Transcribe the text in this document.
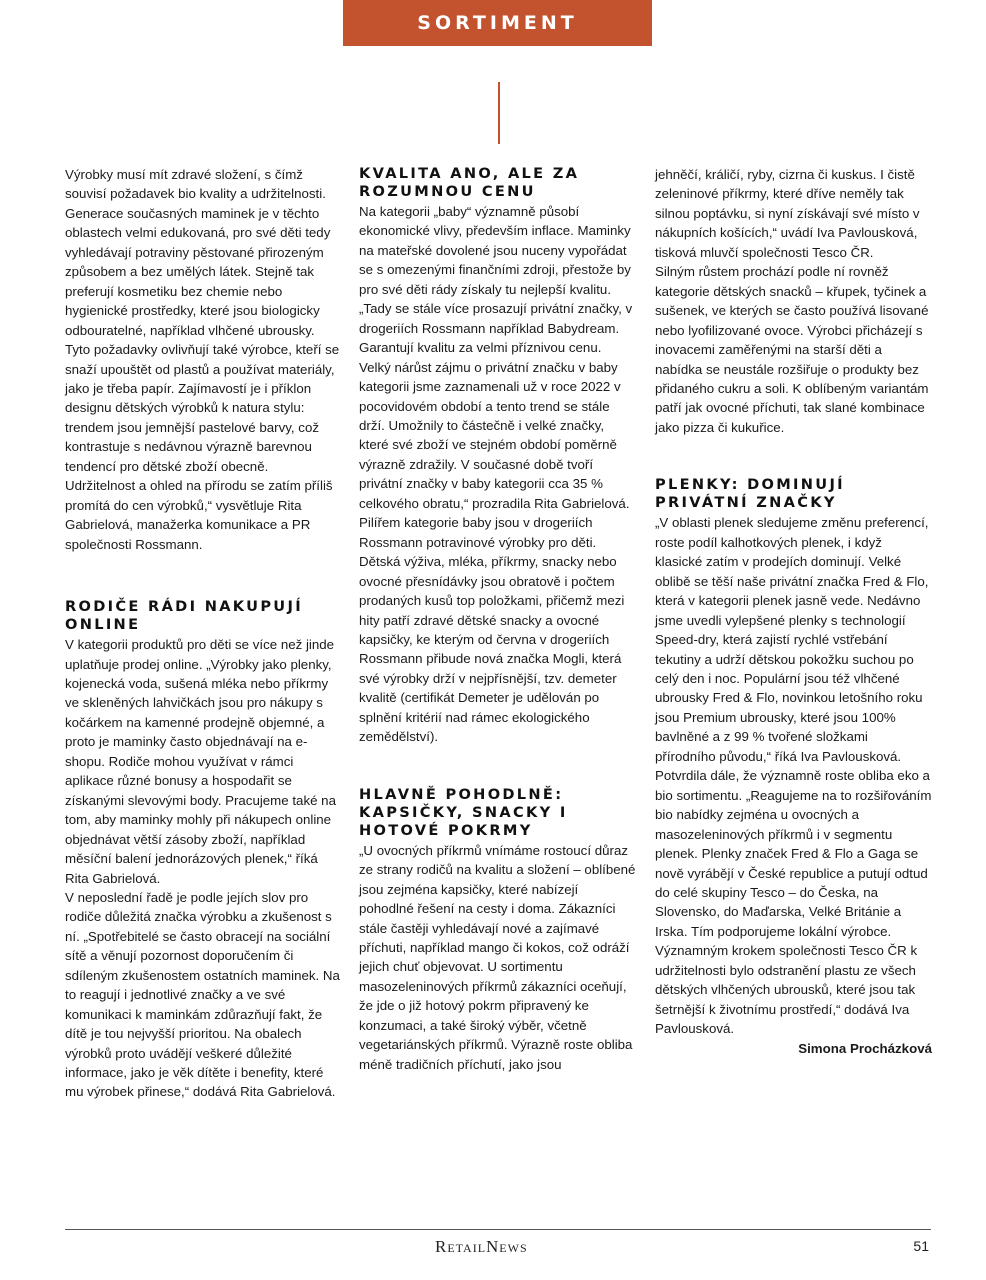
SORTIMENT

Výrobky musí mít zdravé složení, s čímž souvisí požadavek bio kvality a udržitelnosti. Generace současných maminek je v těchto oblastech velmi edukovaná, pro své děti tedy vyhledávají potraviny pěstované přirozeným způsobem a bez umělých látek. Stejně tak preferují kosmetiku bez chemie nebo hygienické prostředky, které jsou biologicky odbouratelné, například vlhčené ubrousky. Tyto požadavky ovlivňují také výrobce, kteří se snaží upouštět od plastů a používat materiály, jako je třeba papír. Zajímavostí je i příklon designu dětských výrobků k natura stylu: trendem jsou jemnější pastelové barvy, což kontrastuje s nedávnou výrazně barevnou tendencí pro dětské zboží obecně. Udržitelnost a ohled na přírodu se zatím příliš promítá do cen výrobků,“ vysvětluje Rita Gabrielová, manažerka komunikace a PR společnosti Rossmann.

RODIČE RÁDI NAKUPUJÍ ONLINE

V kategorii produktů pro děti se více než jinde uplatňuje prodej online. „Výrobky jako plenky, kojenecká voda, sušená mléka nebo příkrmy ve skleněných lahvičkách jsou pro nákupy s kočárkem na kamenné prodejně objemné, a proto je maminky často objednávají na e-shopu. Rodiče mohou využívat v rámci aplikace různé bonusy a hospodařit se získanými slevovými body. Pracujeme také na tom, aby maminky mohly při nákupech online objednávat větší zásoby zboží, například měsíční balení jednorázových plenek,“ říká Rita Gabrielová.

V neposlední řadě je podle jejích slov pro rodiče důležitá značka výrobku a zkušenost s ní. „Spotřebitelé se často obracejí na sociální sítě a věnují pozornost doporučením či sdíleným zkušenostem ostatních maminek. Na to reagují i jednotlivé značky a ve své komunikaci k maminkám zdůrazňují fakt, že dítě je tou nejvyšší prioritou. Na obalech výrobků proto uvádějí veškeré důležité informace, jako je věk dítěte i benefity, které mu výrobek přinese,“ dodává Rita Gabrielová.

KVALITA ANO, ALE ZA ROZUMNOU CENU

Na kategorii „baby“ významně působí ekonomické vlivy, především inflace. Maminky na mateřské dovolené jsou nuceny vypořádat se s omezenými finančními zdroji, přestože by pro své děti rády získaly tu nejlepší kvalitu. „Tady se stále více prosazují privátní značky, v drogeriích Rossmann například Babydream. Garantují kvalitu za velmi příznivou cenu. Velký nárůst zájmu o privátní značku v baby kategorii jsme zaznamenali už v roce 2022 v pocovidovém období a tento trend se stále drží. Umožnily to částečně i velké značky, které své zboží ve stejném období poměrně výrazně zdražily. V současné době tvoří privátní značky v baby kategorii cca 35 % celkového obratu,“ prozradila Rita Gabrielová.

Pilířem kategorie baby jsou v drogeriích Rossmann potravinové výrobky pro děti. Dětská výživa, mléka, příkrmy, snacky nebo ovocné přesnídávky jsou obratově i počtem prodaných kusů top položkami, přičemž mezi hity patří zdravé dětské snacky a ovocné kapsičky, ke kterým od června v drogeriích Rossmann přibude nová značka Mogli, která své výrobky drží v nejpřísnější, tzv. demeter kvalitě (certifikát Demeter je udělován po splnění kritérií nad rámec ekologického zemědělství).

HLAVNĚ POHODLNĚ: KAPSIČKY, SNACKY I HOTOVÉ POKRMY

„U ovocných příkrmů vnímáme rostoucí důraz ze strany rodičů na kvalitu a složení – oblíbené jsou zejména kapsičky, které nabízejí pohodlné řešení na cesty i doma. Zákazníci stále častěji vyhledávají nové a zajímavé příchuti, například mango či kokos, což odráží jejich chuť objevovat. U sortimentu masozeleninových příkrmů zákazníci oceňují, že jde o již hotový pokrm připravený ke konzumaci, a také široký výběr, včetně vegetariánských příkrmů. Výrazně roste obliba méně tradičních příchutí, jako jsou

jehněčí, králičí, ryby, cizrna či kuskus. I čistě zeleninové příkrmy, které dříve neměly tak silnou poptávku, si nyní získávají své místo v nákupních košících,“ uvádí Iva Pavlousková, tisková mluvčí společnosti Tesco ČR.

Silným růstem prochází podle ní rovněž kategorie dětských snacků – křupek, tyčinek a sušenek, ve kterých se často používá lisované nebo lyofilizované ovoce. Výrobci přicházejí s inovacemi zaměřenými na starší děti a nabídka se neustále rozšiřuje o produkty bez přidaného cukru a soli. K oblíbeným variantám patří jak ovocné příchuti, tak slané kombinace jako pizza či kukuřice.

PLENKY: DOMINUJÍ PRIVÁTNÍ ZNAČKY

„V oblasti plenek sledujeme změnu preferencí, roste podíl kalhotkových plenek, i když klasické zatím v prodejích dominují. Velké oblibě se těší naše privátní značka Fred & Flo, která v kategorii plenek jasně vede. Nedávno jsme uvedli vylepšené plenky s technologií Speed-dry, která zajistí rychlé vstřebání tekutiny a udrží dětskou pokožku suchou po celý den i noc. Populární jsou též vlhčené ubrousky Fred & Flo, novinkou letošního roku jsou Premium ubrousky, které jsou 100% bavlněné a z 99 % tvořené složkami přírodního původu,“ říká Iva Pavlousková.

Potvrdila dále, že významně roste obliba eko a bio sortimentu. „Reagujeme na to rozšiřováním bio nabídky zejména u ovocných a masozeleninových příkrmů i v segmentu plenek. Plenky značek Fred & Flo a Gaga se nově vyrábějí v České republice a putují odtud do celé skupiny Tesco – do Česka, na Slovensko, do Maďarska, Velké Británie a Irska. Tím podporujeme lokální výrobce. Významným krokem společnosti Tesco ČR k udržitelnosti bylo odstranění plastu ze všech dětských vlhčených ubrousků, které jsou tak šetrnější k životnímu prostředí,“ dodává Iva Pavlousková.

Simona Procházková

RetailNews	51
